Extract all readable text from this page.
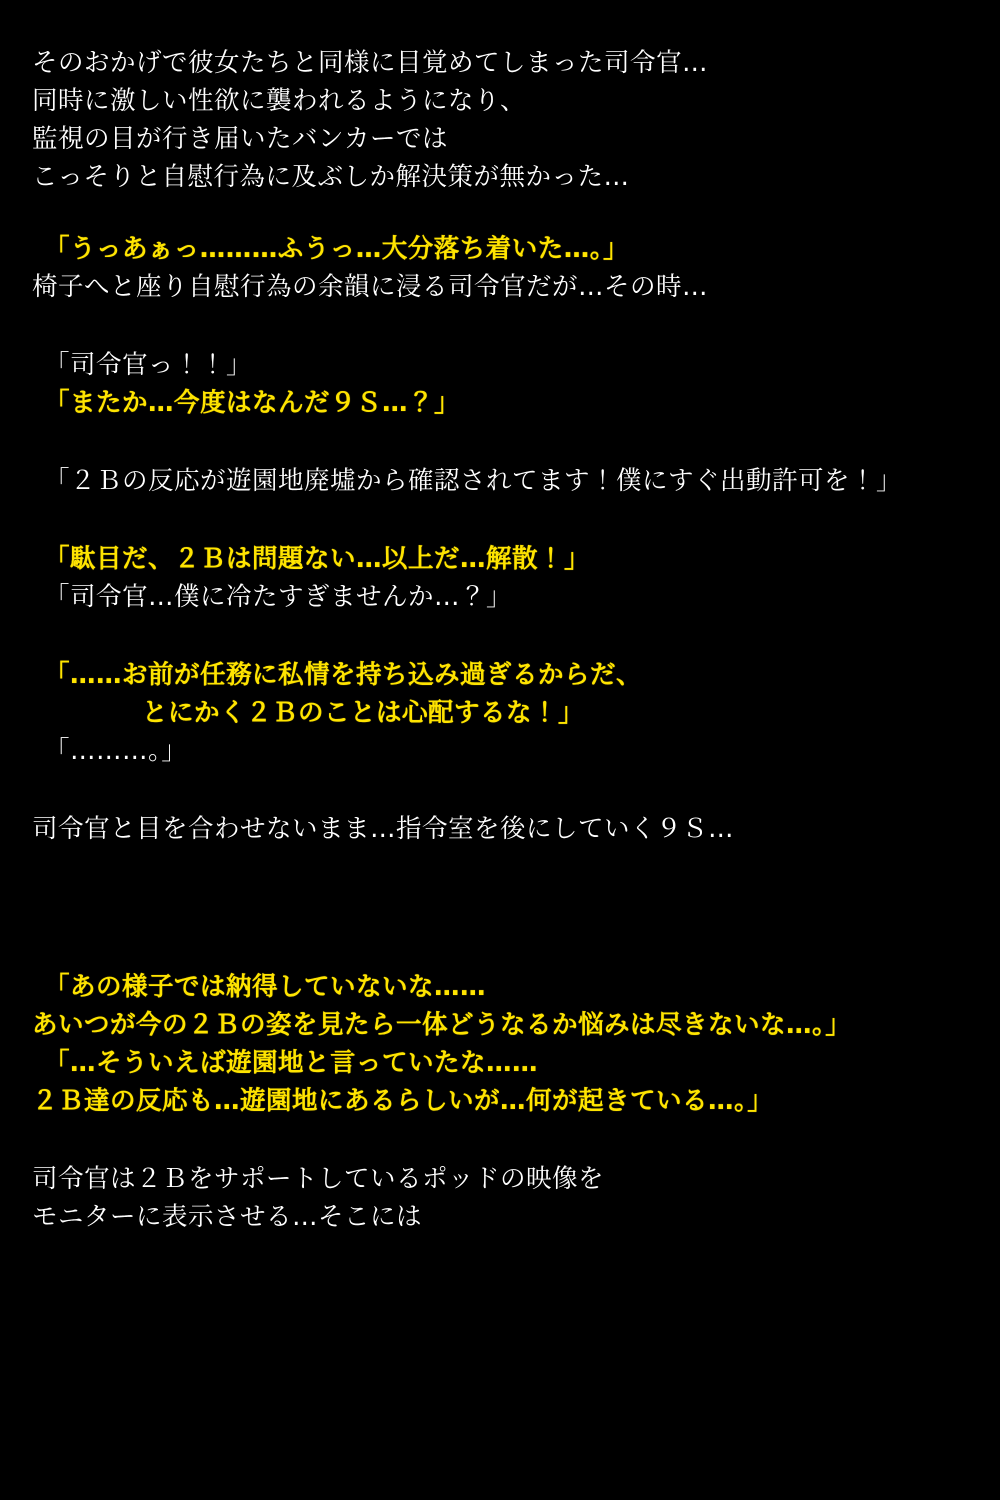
そのおかげで彼女たちと同様に目覚めてしまった司令官…
同時に激しい性欲に襲われるようになり、
監視の目が行き届いたバンカーでは
こっそりと自慰行為に及ぶしか解決策が無かった…
「うっあぁっ………ふうっ…大分落ち着いた…。」
椅子へと座り自慰行為の余韻に浸る司令官だが…その時…
「司令官っ！！」
「またか…今度はなんだ９Ｓ…？」
「２Ｂの反応が遊園地廃墟から確認されてます！僕にすぐ出動許可を！」
「駄目だ、２Ｂは問題ない…以上だ…解散！」
「司令官…僕に冷たすぎませんか…？」
「……お前が任務に私情を持ち込み過ぎるからだ、
とにかく２Ｂのことは心配するな！」
「………。」
司令官と目を合わせないまま…指令室を後にしていく９Ｓ…
「あの様子では納得していないな……
あいつが今の２Ｂの姿を見たら一体どうなるか悩みは尽きないな…。」
「…そういえば遊園地と言っていたな……
２Ｂ達の反応も…遊園地にあるらしいが…何が起きている…。」
司令官は２Ｂをサポートしているポッドの映像を
モニターに表示させる…そこには
